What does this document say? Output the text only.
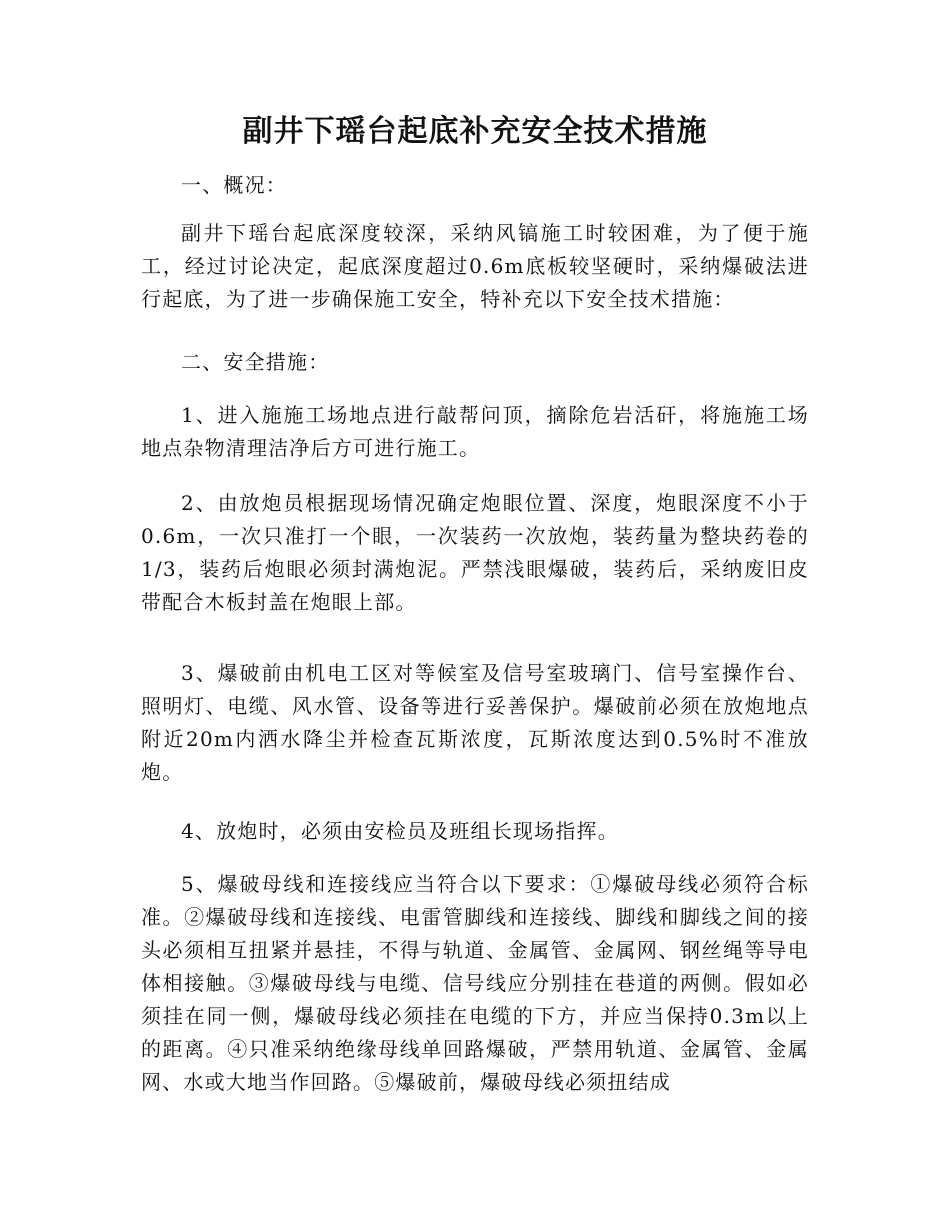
副井下瑶台起底补充安全技术措施
一、概况：
副井下瑶台起底深度较深，采纳风镐施工时较困难，为了便于施工，经过讨论决定，起底深度超过0.6m底板较坚硬时，采纳爆破法进行起底，为了进一步确保施工安全，特补充以下安全技术措施：
二、安全措施：
1、进入施施工场地点进行敲帮问顶，摘除危岩活矸，将施施工场地点杂物清理洁净后方可进行施工。
2、由放炮员根据现场情况确定炮眼位置、深度，炮眼深度不小于0.6m，一次只准打一个眼，一次装药一次放炮，装药量为整块药卷的1/3，装药后炮眼必须封满炮泥。严禁浅眼爆破，装药后，采纳废旧皮带配合木板封盖在炮眼上部。
3、爆破前由机电工区对等候室及信号室玻璃门、信号室操作台、照明灯、电缆、风水管、设备等进行妥善保护。爆破前必须在放炮地点附近20m内洒水降尘并检查瓦斯浓度，瓦斯浓度达到0.5%时不准放炮。
4、放炮时，必须由安检员及班组长现场指挥。
5、爆破母线和连接线应当符合以下要求：①爆破母线必须符合标准。②爆破母线和连接线、电雷管脚线和连接线、脚线和脚线之间的接头必须相互扭紧并悬挂，不得与轨道、金属管、金属网、钢丝绳等导电体相接触。③爆破母线与电缆、信号线应分别挂在巷道的两侧。假如必须挂在同一侧，爆破母线必须挂在电缆的下方，并应当保持0.3m以上的距离。④只准采纳绝缘母线单回路爆破，严禁用轨道、金属管、金属网、水或大地当作回路。⑤爆破前，爆破母线必须扭结成
